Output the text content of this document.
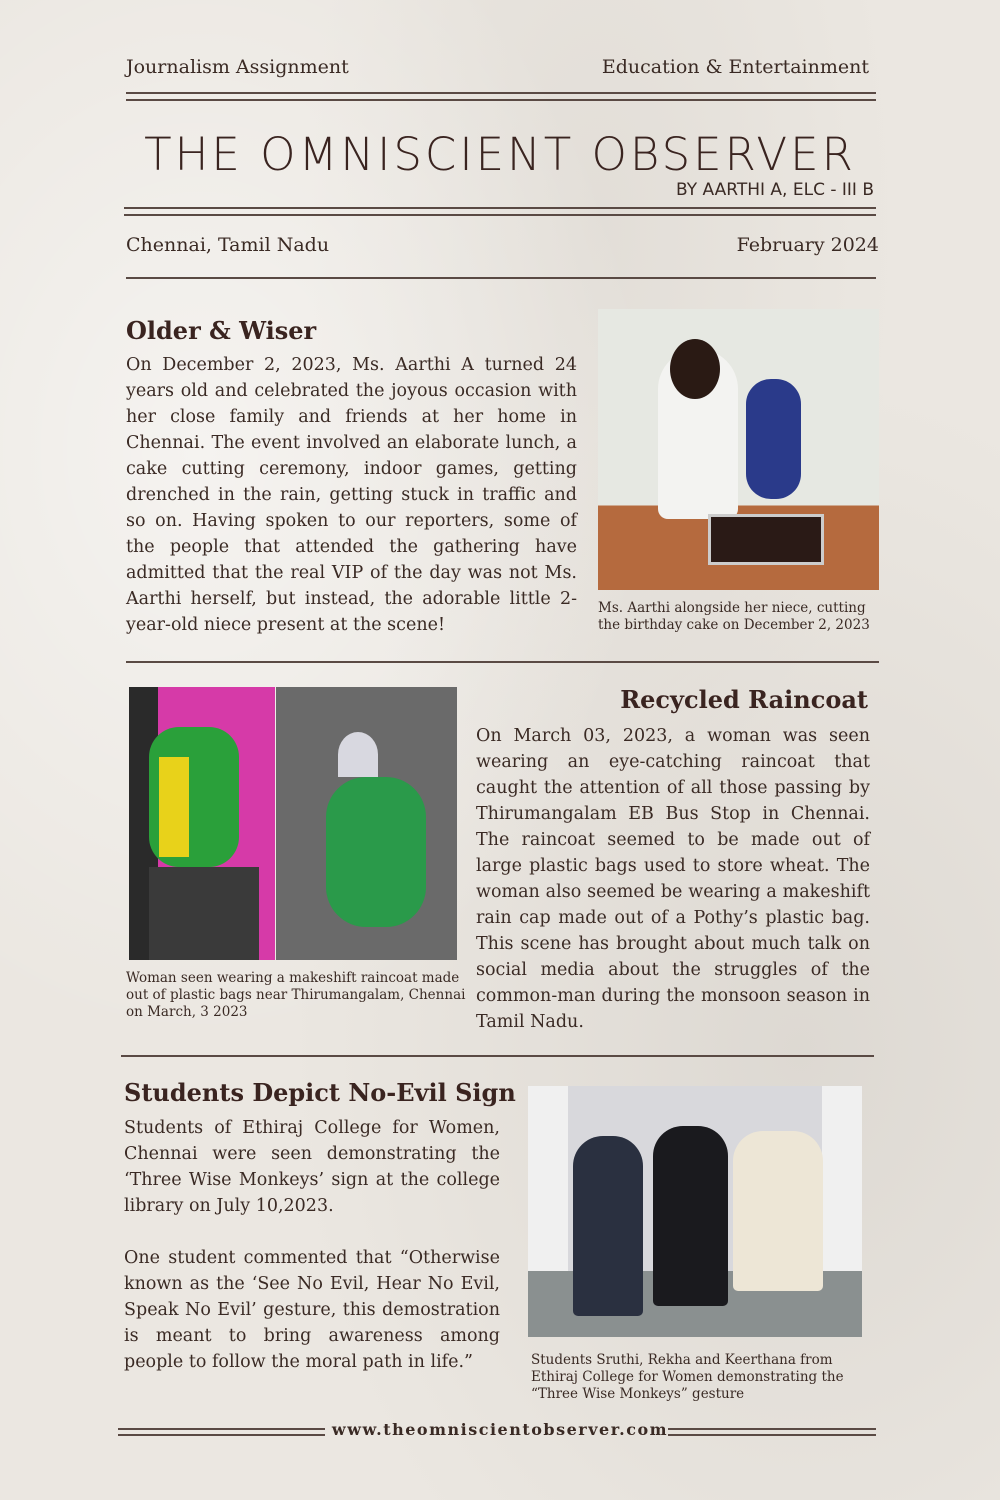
Journalism Assignment	Education & Entertainment
THE OMNISCIENT OBSERVER
BY AARTHI A, ELC - III B
Chennai, Tamil Nadu	February 2024
Older & Wiser
On December 2, 2023, Ms. Aarthi A turned 24 years old and celebrated the joyous occasion with her close family and friends at her home in Chennai. The event involved an elaborate lunch, a cake cutting ceremony, indoor games, getting drenched in the rain, getting stuck in traffic and so on. Having spoken to our reporters, some of the people that attended the gathering have admitted that the real VIP of the day was not Ms. Aarthi herself, but instead, the adorable little 2-year-old niece present at the scene!
Ms. Aarthi alongside her niece, cutting the birthday cake on December 2, 2023
Woman seen wearing a makeshift raincoat made out of plastic bags near Thirumangalam, Chennai on March, 3 2023
Recycled Raincoat
On March 03, 2023, a woman was seen wearing an eye-catching raincoat that caught the attention of all those passing by Thirumangalam EB Bus Stop in Chennai. The raincoat seemed to be made out of large plastic bags used to store wheat. The woman also seemed be wearing a makeshift rain cap made out of a Pothy’s plastic bag. This scene has brought about much talk on social media about the struggles of the common-man during the monsoon season in Tamil Nadu.
Students Depict No-Evil Sign
Students of Ethiraj College for Women, Chennai were seen demonstrating the ‘Three Wise Monkeys’ sign at the college library on July 10,2023.
One student commented that “Otherwise known as the ‘See No Evil, Hear No Evil, Speak No Evil’ gesture, this demostration is meant to bring awareness among people to follow the moral path in life.”	Students Sruthi, Rekha and Keerthana from Ethiraj College for Women demonstrating the “Three Wise Monkeys” gesture
www.theomniscientobserver.com
